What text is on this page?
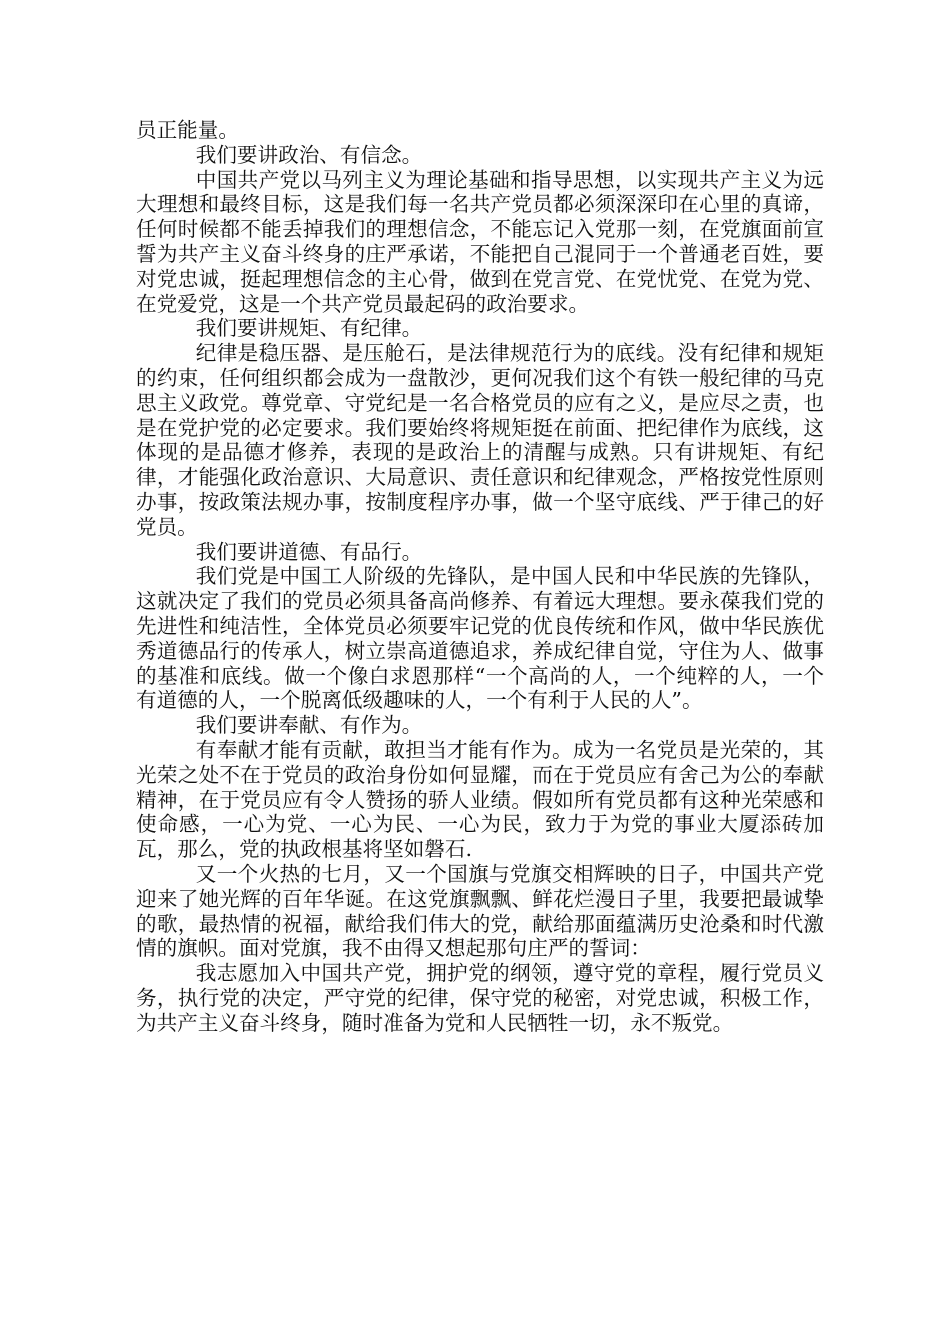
员正能量。

我们要讲政治、有信念。

中国共产党以马列主义为理论基础和指导思想，以实现共产主义为远大理想和最终目标，这是我们每一名共产党员都必须深深印在心里的真谛，任何时候都不能丢掉我们的理想信念，不能忘记入党那一刻，在党旗面前宣誓为共产主义奋斗终身的庄严承诺，不能把自己混同于一个普通老百姓，要对党忠诚，挺起理想信念的主心骨，做到在党言党、在党忧党、在党为党、在党爱党，这是一个共产党员最起码的政治要求。

我们要讲规矩、有纪律。

纪律是稳压器、是压舱石，是法律规范行为的底线。没有纪律和规矩的约束，任何组织都会成为一盘散沙，更何况我们这个有铁一般纪律的马克思主义政党。尊党章、守党纪是一名合格党员的应有之义，是应尽之责，也是在党护党的必定要求。我们要始终将规矩挺在前面、把纪律作为底线，这体现的是品德才修养，表现的是政治上的清醒与成熟。只有讲规矩、有纪律，才能强化政治意识、大局意识、责任意识和纪律观念，严格按党性原则办事，按政策法规办事，按制度程序办事，做一个坚守底线、严于律己的好党员。

我们要讲道德、有品行。

我们党是中国工人阶级的先锋队，是中国人民和中华民族的先锋队，这就决定了我们的党员必须具备高尚修养、有着远大理想。要永葆我们党的先进性和纯洁性，全体党员必须要牢记党的优良传统和作风，做中华民族优秀道德品行的传承人，树立崇高道德追求，养成纪律自觉，守住为人、做事的基准和底线。做一个像白求恩那样“一个高尚的人，一个纯粹的人，一个有道德的人，一个脱离低级趣味的人，一个有利于人民的人”。

我们要讲奉献、有作为。

有奉献才能有贡献，敢担当才能有作为。成为一名党员是光荣的，其光荣之处不在于党员的政治身份如何显耀，而在于党员应有舍己为公的奉献精神，在于党员应有令人赞扬的骄人业绩。假如所有党员都有这种光荣感和使命感，一心为党、一心为民、一心为民，致力于为党的事业大厦添砖加瓦，那么，党的执政根基将坚如磐石.

又一个火热的七月，又一个国旗与党旗交相辉映的日子，中国共产党迎来了她光辉的百年华诞。在这党旗飘飘、鲜花烂漫日子里，我要把最诚挚的歌，最热情的祝福，献给我们伟大的党，献给那面蕴满历史沧桑和时代激情的旗帜。面对党旗，我不由得又想起那句庄严的誓词：

我志愿加入中国共产党，拥护党的纲领，遵守党的章程，履行党员义务，执行党的决定，严守党的纪律，保守党的秘密，对党忠诚，积极工作，为共产主义奋斗终身，随时准备为党和人民牺牲一切，永不叛党。
